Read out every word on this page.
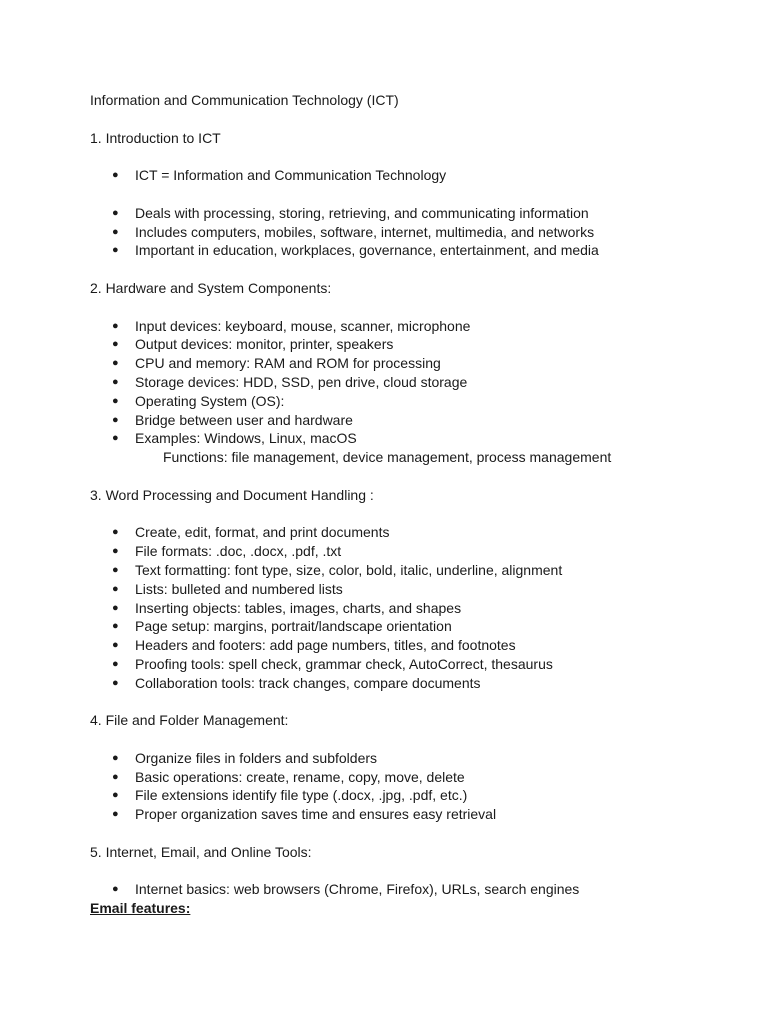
Information and Communication Technology (ICT)
1. Introduction to ICT
● ICT = Information and Communication Technology
● Deals with processing, storing, retrieving, and communicating information
● Includes computers, mobiles, software, internet, multimedia, and networks
● Important in education, workplaces, governance, entertainment, and media
2. Hardware and System Components:
● Input devices: keyboard, mouse, scanner, microphone
● Output devices: monitor, printer, speakers
● CPU and memory: RAM and ROM for processing
● Storage devices: HDD, SSD, pen drive, cloud storage
● Operating System (OS):
● Bridge between user and hardware
● Examples: Windows, Linux, macOS
Functions: file management, device management, process management
3. Word Processing and Document Handling :
● Create, edit, format, and print documents
● File formats: .doc, .docx, .pdf, .txt
● Text formatting: font type, size, color, bold, italic, underline, alignment
● Lists: bulleted and numbered lists
● Inserting objects: tables, images, charts, and shapes
● Page setup: margins, portrait/landscape orientation
● Headers and footers: add page numbers, titles, and footnotes
● Proofing tools: spell check, grammar check, AutoCorrect, thesaurus
● Collaboration tools: track changes, compare documents
4. File and Folder Management:
● Organize files in folders and subfolders
● Basic operations: create, rename, copy, move, delete
● File extensions identify file type (.docx, .jpg, .pdf, etc.)
● Proper organization saves time and ensures easy retrieval
5. Internet, Email, and Online Tools:
● Internet basics: web browsers (Chrome, Firefox), URLs, search engines
Email features:
